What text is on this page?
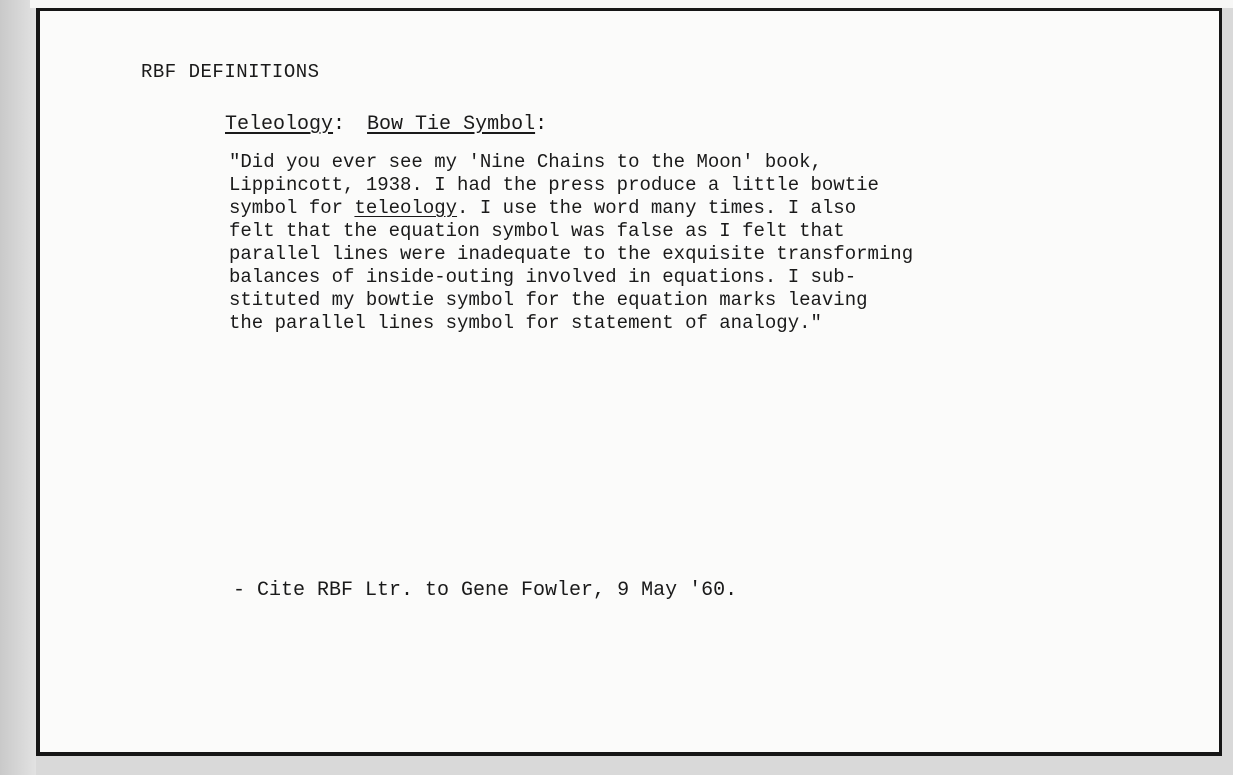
RBF DEFINITIONS
Teleology: Bow Tie Symbol:

"Did you ever see my 'Nine Chains to the Moon' book,
Lippincott, 1938. I had the press produce a little bowtie
symbol for teleology. I use the word many times. I also
felt that the equation symbol was false as I felt that
parallel lines were inadequate to the exquisite transforming
balances of inside-outing involved in equations. I sub-
stituted my bowtie symbol for the equation marks leaving
the parallel lines symbol for statement of analogy."

- Cite RBF Ltr. to Gene Fowler, 9 May '60.
